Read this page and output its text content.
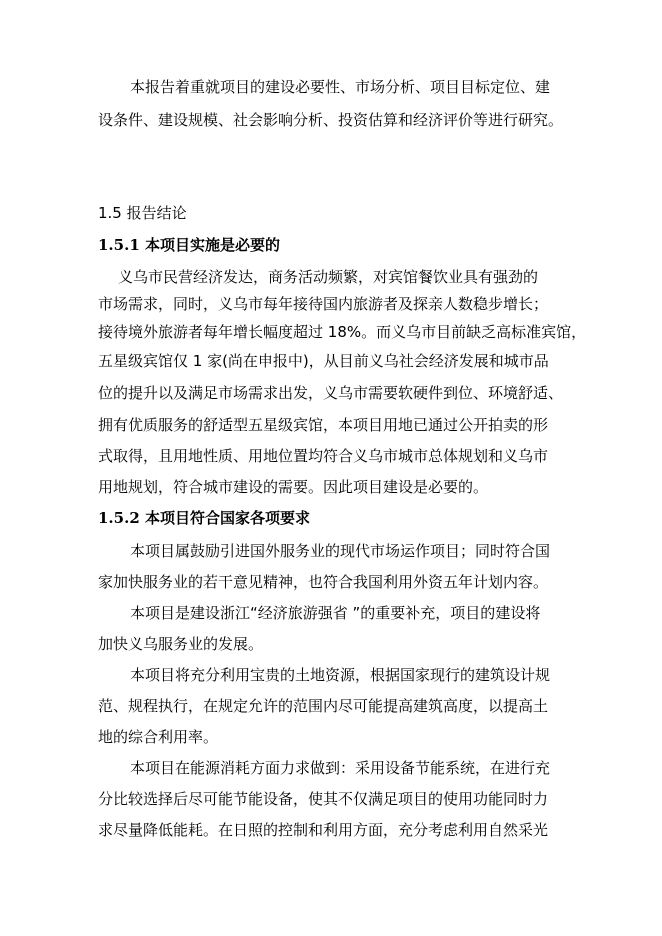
本报告着重就项目的建设必要性、市场分析、项目目标定位、建
设条件、建设规模、社会影响分析、投资估算和经济评价等进行研究。
1.5 报告结论
1.5.1 本项目实施是必要的
义乌市民营经济发达，商务活动频繁，对宾馆餐饮业具有强劲的
市场需求，同时，义乌市每年接待国内旅游者及探亲人数稳步增长；
接待境外旅游者每年增长幅度超过 18%。而义乌市目前缺乏高标准宾馆，
五星级宾馆仅 1 家(尚在申报中)，从目前义乌社会经济发展和城市品
位的提升以及满足市场需求出发，义乌市需要软硬件到位、环境舒适、
拥有优质服务的舒适型五星级宾馆，本项目用地已通过公开拍卖的形
式取得，且用地性质、用地位置均符合义乌市城市总体规划和义乌市
用地规划，符合城市建设的需要。因此项目建设是必要的。
1.5.2 本项目符合国家各项要求
本项目属鼓励引进国外服务业的现代市场运作项目；同时符合国
家加快服务业的若干意见精神，也符合我国利用外资五年计划内容。
本项目是建设浙江“经济旅游强省 ”的重要补充，项目的建设将
加快义乌服务业的发展。
本项目将充分利用宝贵的土地资源，根据国家现行的建筑设计规
范、规程执行，在规定允许的范围内尽可能提高建筑高度，以提高土
地的综合利用率。
本项目在能源消耗方面力求做到：采用设备节能系统，在进行充
分比较选择后尽可能节能设备，使其不仅满足项目的使用功能同时力
求尽量降低能耗。在日照的控制和利用方面，充分考虑利用自然采光
